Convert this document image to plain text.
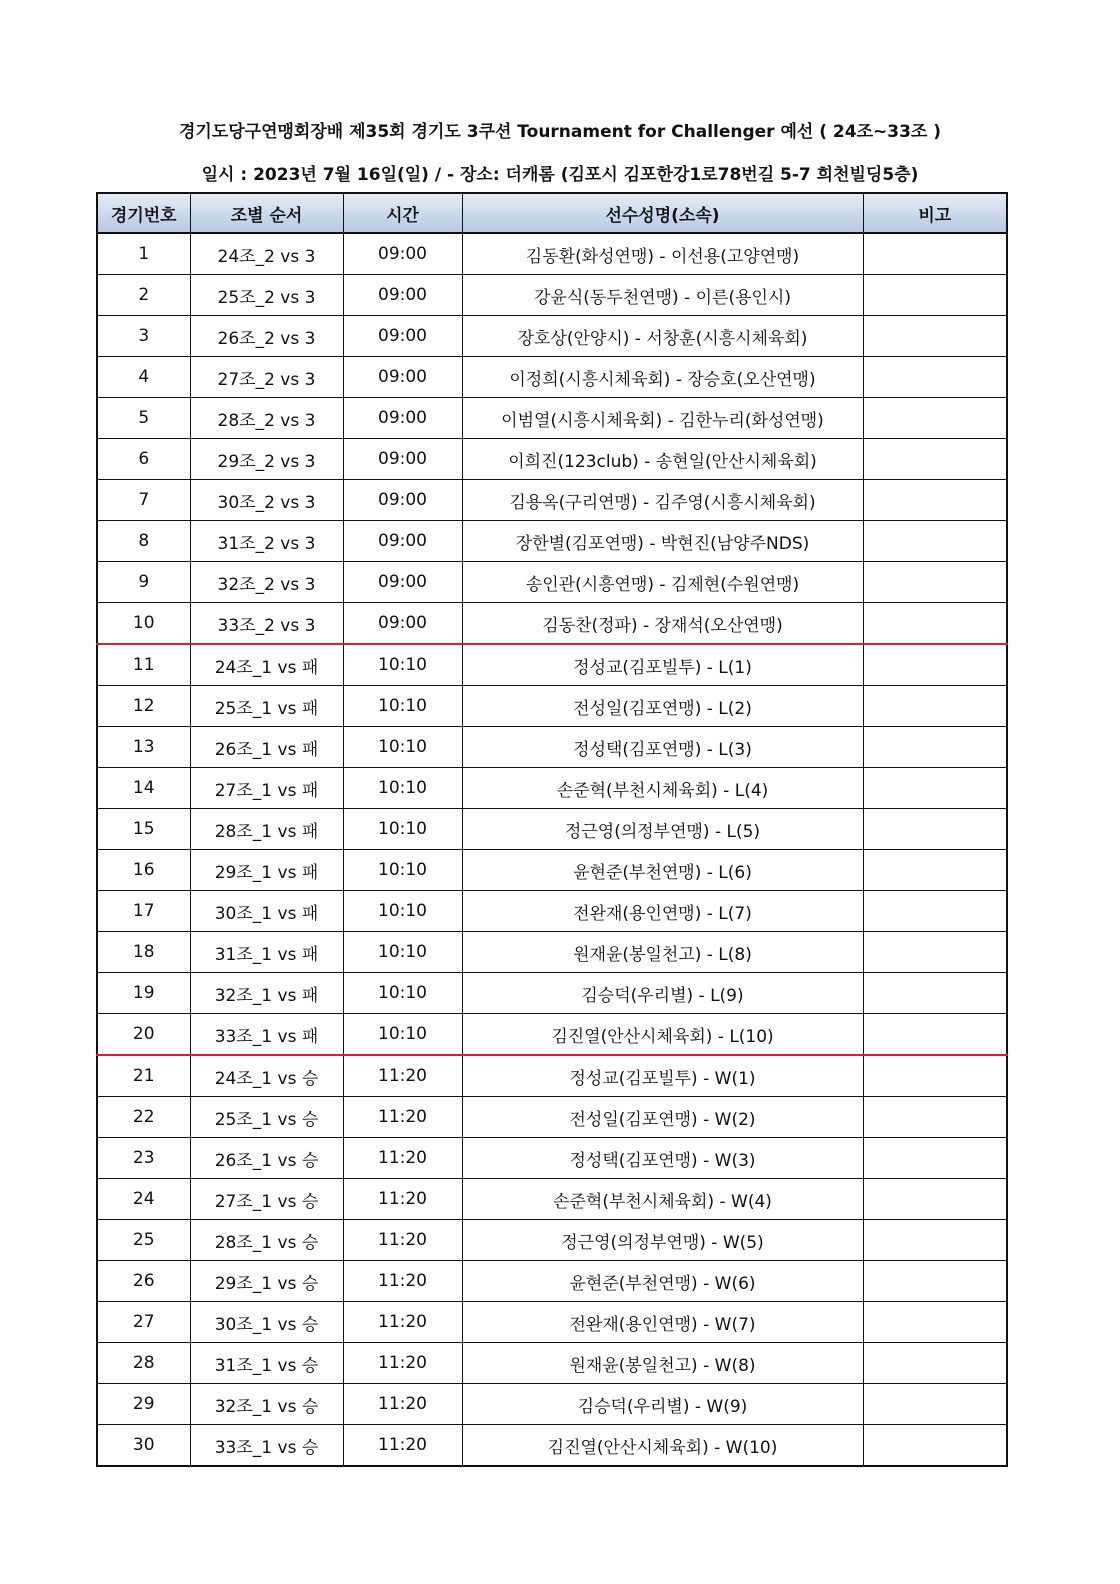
경기도당구연맹회장배 제35회 경기도 3쿠션 Tournament for Challenger 예선 ( 24조~33조 )
일시 : 2023년 7월 16일(일) / - 장소: 더캐롬 (김포시 김포한강1로78번길 5-7 희천빌딩5층)
경기번호	조별 순서	시간	선수성명(소속)	비고
1	24조_2 vs 3	09:00	김동환(화성연맹) - 이선용(고양연맹)	
2	25조_2 vs 3	09:00	강윤식(동두천연맹) - 이른(용인시)	
3	26조_2 vs 3	09:00	장호상(안양시) - 서창훈(시흥시체육회)	
4	27조_2 vs 3	09:00	이정희(시흥시체육회) - 장승호(오산연맹)	
5	28조_2 vs 3	09:00	이범열(시흥시체육회) - 김한누리(화성연맹)	
6	29조_2 vs 3	09:00	이희진(123club) - 송현일(안산시체육회)	
7	30조_2 vs 3	09:00	김용옥(구리연맹) - 김주영(시흥시체육회)	
8	31조_2 vs 3	09:00	장한별(김포연맹) - 박현진(남양주NDS)	
9	32조_2 vs 3	09:00	송인관(시흥연맹) - 김제현(수원연맹)	
10	33조_2 vs 3	09:00	김동찬(정파) - 장재석(오산연맹)	
11	24조_1 vs 패	10:10	정성교(김포빌투) - L(1)	
12	25조_1 vs 패	10:10	전성일(김포연맹) - L(2)	
13	26조_1 vs 패	10:10	정성택(김포연맹) - L(3)	
14	27조_1 vs 패	10:10	손준혁(부천시체육회) - L(4)	
15	28조_1 vs 패	10:10	정근영(의정부연맹) - L(5)	
16	29조_1 vs 패	10:10	윤현준(부천연맹) - L(6)	
17	30조_1 vs 패	10:10	전완재(용인연맹) - L(7)	
18	31조_1 vs 패	10:10	원재윤(봉일천고) - L(8)	
19	32조_1 vs 패	10:10	김승덕(우리별) - L(9)	
20	33조_1 vs 패	10:10	김진열(안산시체육회) - L(10)	
21	24조_1 vs 승	11:20	정성교(김포빌투) - W(1)	
22	25조_1 vs 승	11:20	전성일(김포연맹) - W(2)	
23	26조_1 vs 승	11:20	정성택(김포연맹) - W(3)	
24	27조_1 vs 승	11:20	손준혁(부천시체육회) - W(4)	
25	28조_1 vs 승	11:20	정근영(의정부연맹) - W(5)	
26	29조_1 vs 승	11:20	윤현준(부천연맹) - W(6)	
27	30조_1 vs 승	11:20	전완재(용인연맹) - W(7)	
28	31조_1 vs 승	11:20	원재윤(봉일천고) - W(8)	
29	32조_1 vs 승	11:20	김승덕(우리별) - W(9)	
30	33조_1 vs 승	11:20	김진열(안산시체육회) - W(10)	
